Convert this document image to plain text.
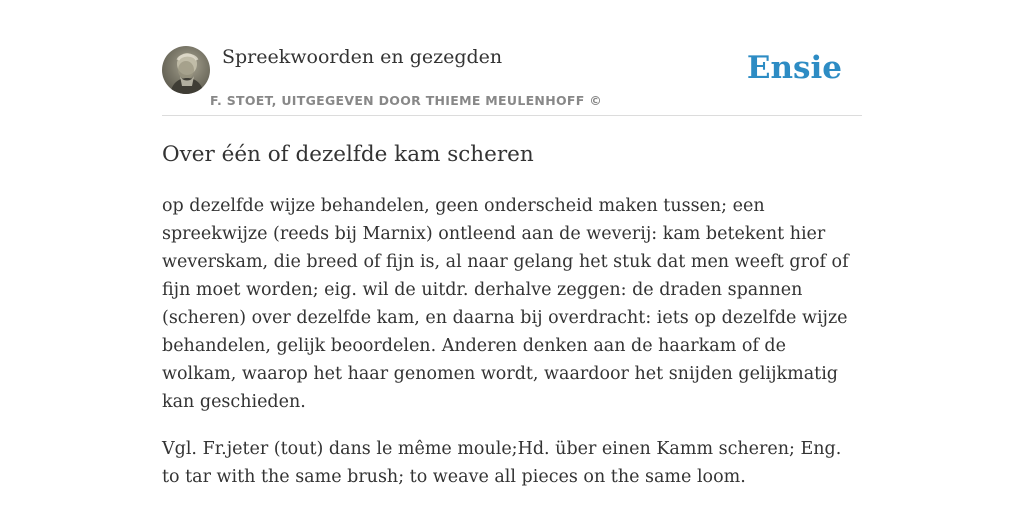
Spreekwoorden en gezegden
F. STOET, UITGEGEVEN DOOR THIEME MEULENHOFF ©
Ensie
Over één of dezelfde kam scheren

op dezelfde wijze behandelen, geen onderscheid maken tussen; een spreekwijze (reeds bij Marnix) ontleend aan de weverij: kam betekent hier weverskam, die breed of fijn is, al naar gelang het stuk dat men weeft grof of fijn moet worden; eig. wil de uitdr. derhalve zeggen: de draden spannen (scheren) over dezelfde kam, en daarna bij overdracht: iets op dezelfde wijze behandelen, gelijk beoordelen. Anderen denken aan de haarkam of de wolkam, waarop het haar genomen wordt, waardoor het snijden gelijkmatig kan geschieden.

Vgl. Fr.jeter (tout) dans le même moule;Hd. über einen Kamm scheren; Eng. to tar with the same brush; to weave all pieces on the same loom.
